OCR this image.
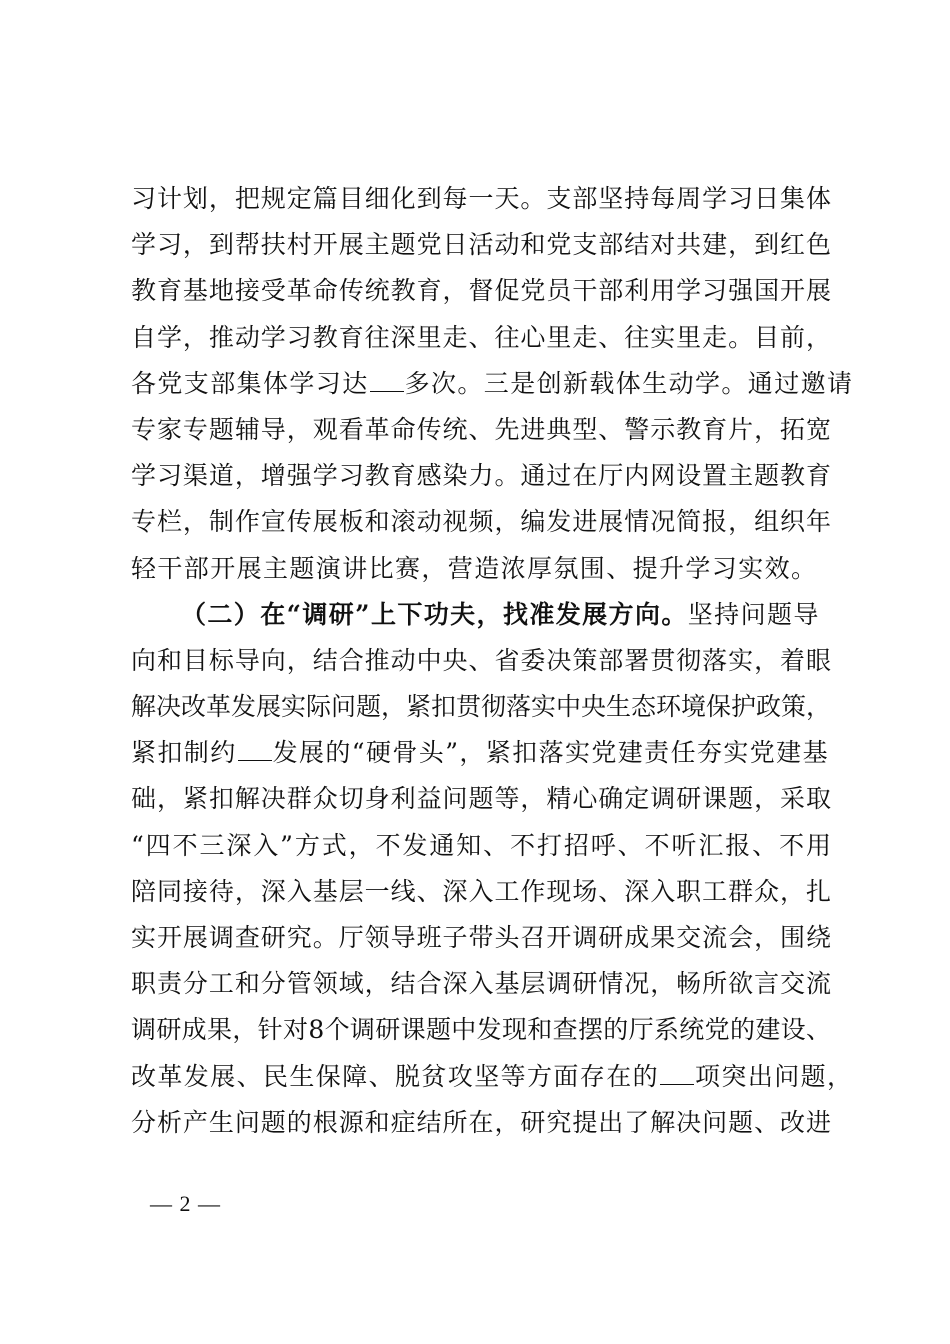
习计划，把规定篇目细化到每一天。支部坚持每周学习日集体
学习，到帮扶村开展主题党日活动和党支部结对共建，到红色
教育基地接受革命传统教育，督促党员干部利用学习强国开展
自学，推动学习教育往深里走、往心里走、往实里走。目前，
各党支部集体学习达 多次。三是创新载体生动学。通过邀请
专家专题辅导，观看革命传统、先进典型、警示教育片，拓宽
学习渠道，增强学习教育感染力。通过在厅内网设置主题教育
专栏，制作宣传展板和滚动视频，编发进展情况简报，组织年
轻干部开展主题演讲比赛，营造浓厚氛围、提升学习实效。
（二）在“调研”上下功夫，找准发展方向。坚持问题导
向和目标导向，结合推动中央、省委决策部署贯彻落实，着眼
解决改革发展实际问题，紧扣贯彻落实中央生态环境保护政策，
紧扣制约 发展的“硬骨头”，紧扣落实党建责任夯实党建基
础，紧扣解决群众切身利益问题等，精心确定调研课题，采取
“四不三深入”方式，不发通知、不打招呼、不听汇报、不用
陪同接待，深入基层一线、深入工作现场、深入职工群众，扎
实开展调查研究。厅领导班子带头召开调研成果交流会，围绕
职责分工和分管领域，结合深入基层调研情况，畅所欲言交流
调研成果，针对8个调研课题中发现和查摆的厅系统党的建设、
改革发展、民生保障、脱贫攻坚等方面存在的 项突出问题，
分析产生问题的根源和症结所在，研究提出了解决问题、改进
— 2 —
